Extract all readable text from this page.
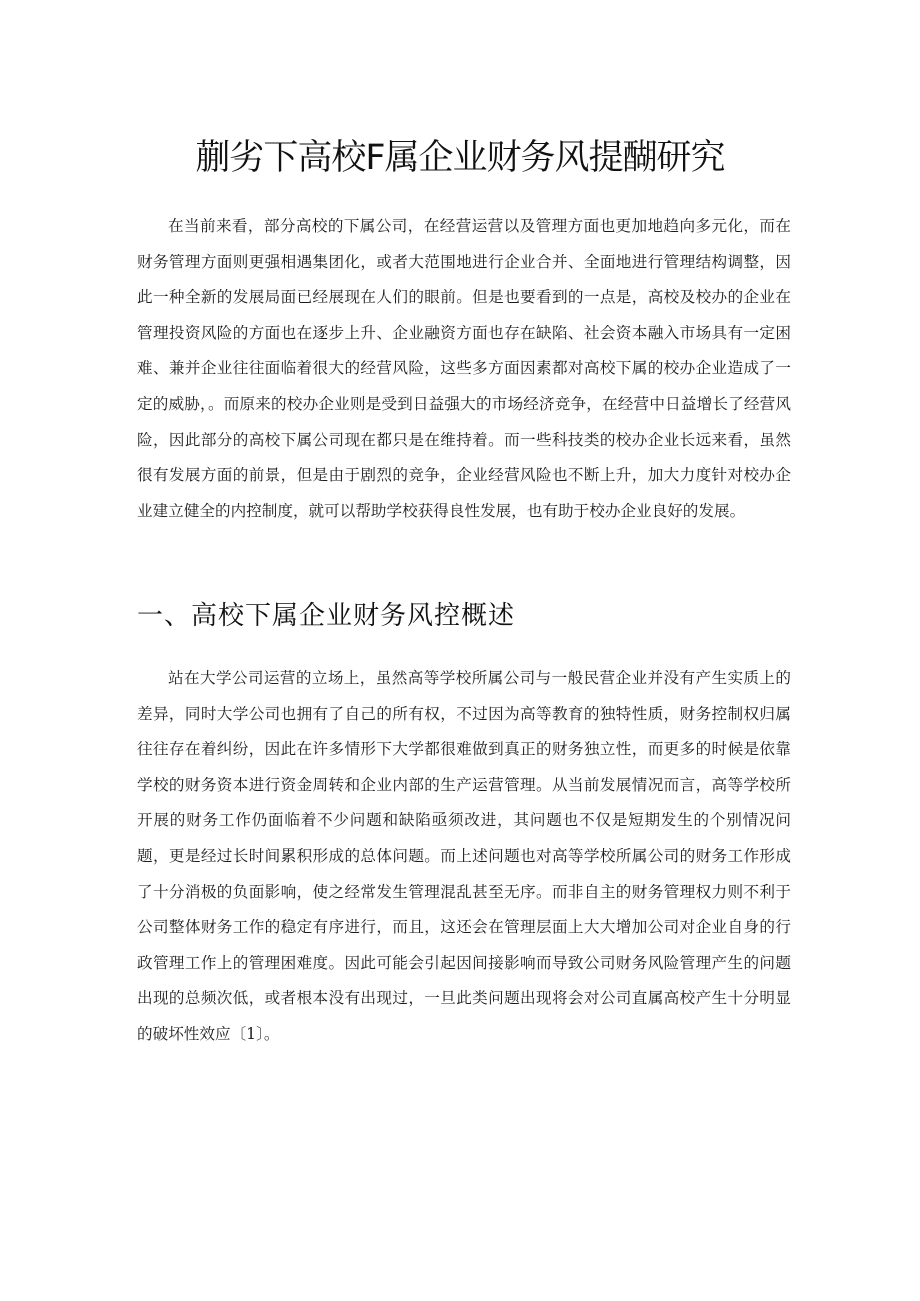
蒯劣下高校F属企业财务风提醐研究

在当前来看，部分高校的下属公司，在经营运营以及管理方面也更加地趋向多元化，而在财务管理方面则更强相遇集团化，或者大范围地进行企业合并、全面地进行管理结构调整，因此一种全新的发展局面已经展现在人们的眼前。但是也要看到的一点是，高校及校办的企业在管理投资风险的方面也在逐步上升、企业融资方面也存在缺陷、社会资本融入市场具有一定困难、兼并企业往往面临着很大的经营风险，这些多方面因素都对高校下属的校办企业造成了一定的威胁，。而原来的校办企业则是受到日益强大的市场经济竞争，在经营中日益增长了经营风险，因此部分的高校下属公司现在都只是在维持着。而一些科技类的校办企业长远来看，虽然很有发展方面的前景，但是由于剧烈的竞争，企业经营风险也不断上升，加大力度针对校办企业建立健全的内控制度，就可以帮助学校获得良性发展，也有助于校办企业良好的发展。

一、高校下属企业财务风控概述

站在大学公司运营的立场上，虽然高等学校所属公司与一般民营企业并没有产生实质上的差异，同时大学公司也拥有了自己的所有权，不过因为高等教育的独特性质，财务控制权归属往往存在着纠纷，因此在许多情形下大学都很难做到真正的财务独立性，而更多的时候是依靠学校的财务资本进行资金周转和企业内部的生产运营管理。从当前发展情况而言，高等学校所开展的财务工作仍面临着不少问题和缺陷亟须改进，其问题也不仅是短期发生的个别情况问题，更是经过长时间累积形成的总体问题。而上述问题也对高等学校所属公司的财务工作形成了十分消极的负面影响，使之经常发生管理混乱甚至无序。而非自主的财务管理权力则不利于公司整体财务工作的稳定有序进行，而且，这还会在管理层面上大大增加公司对企业自身的行政管理工作上的管理困难度。因此可能会引起因间接影响而导致公司财务风险管理产生的问题出现的总频次低，或者根本没有出现过，一旦此类问题出现将会对公司直属高校产生十分明显的破坏性效应〔1〕。
